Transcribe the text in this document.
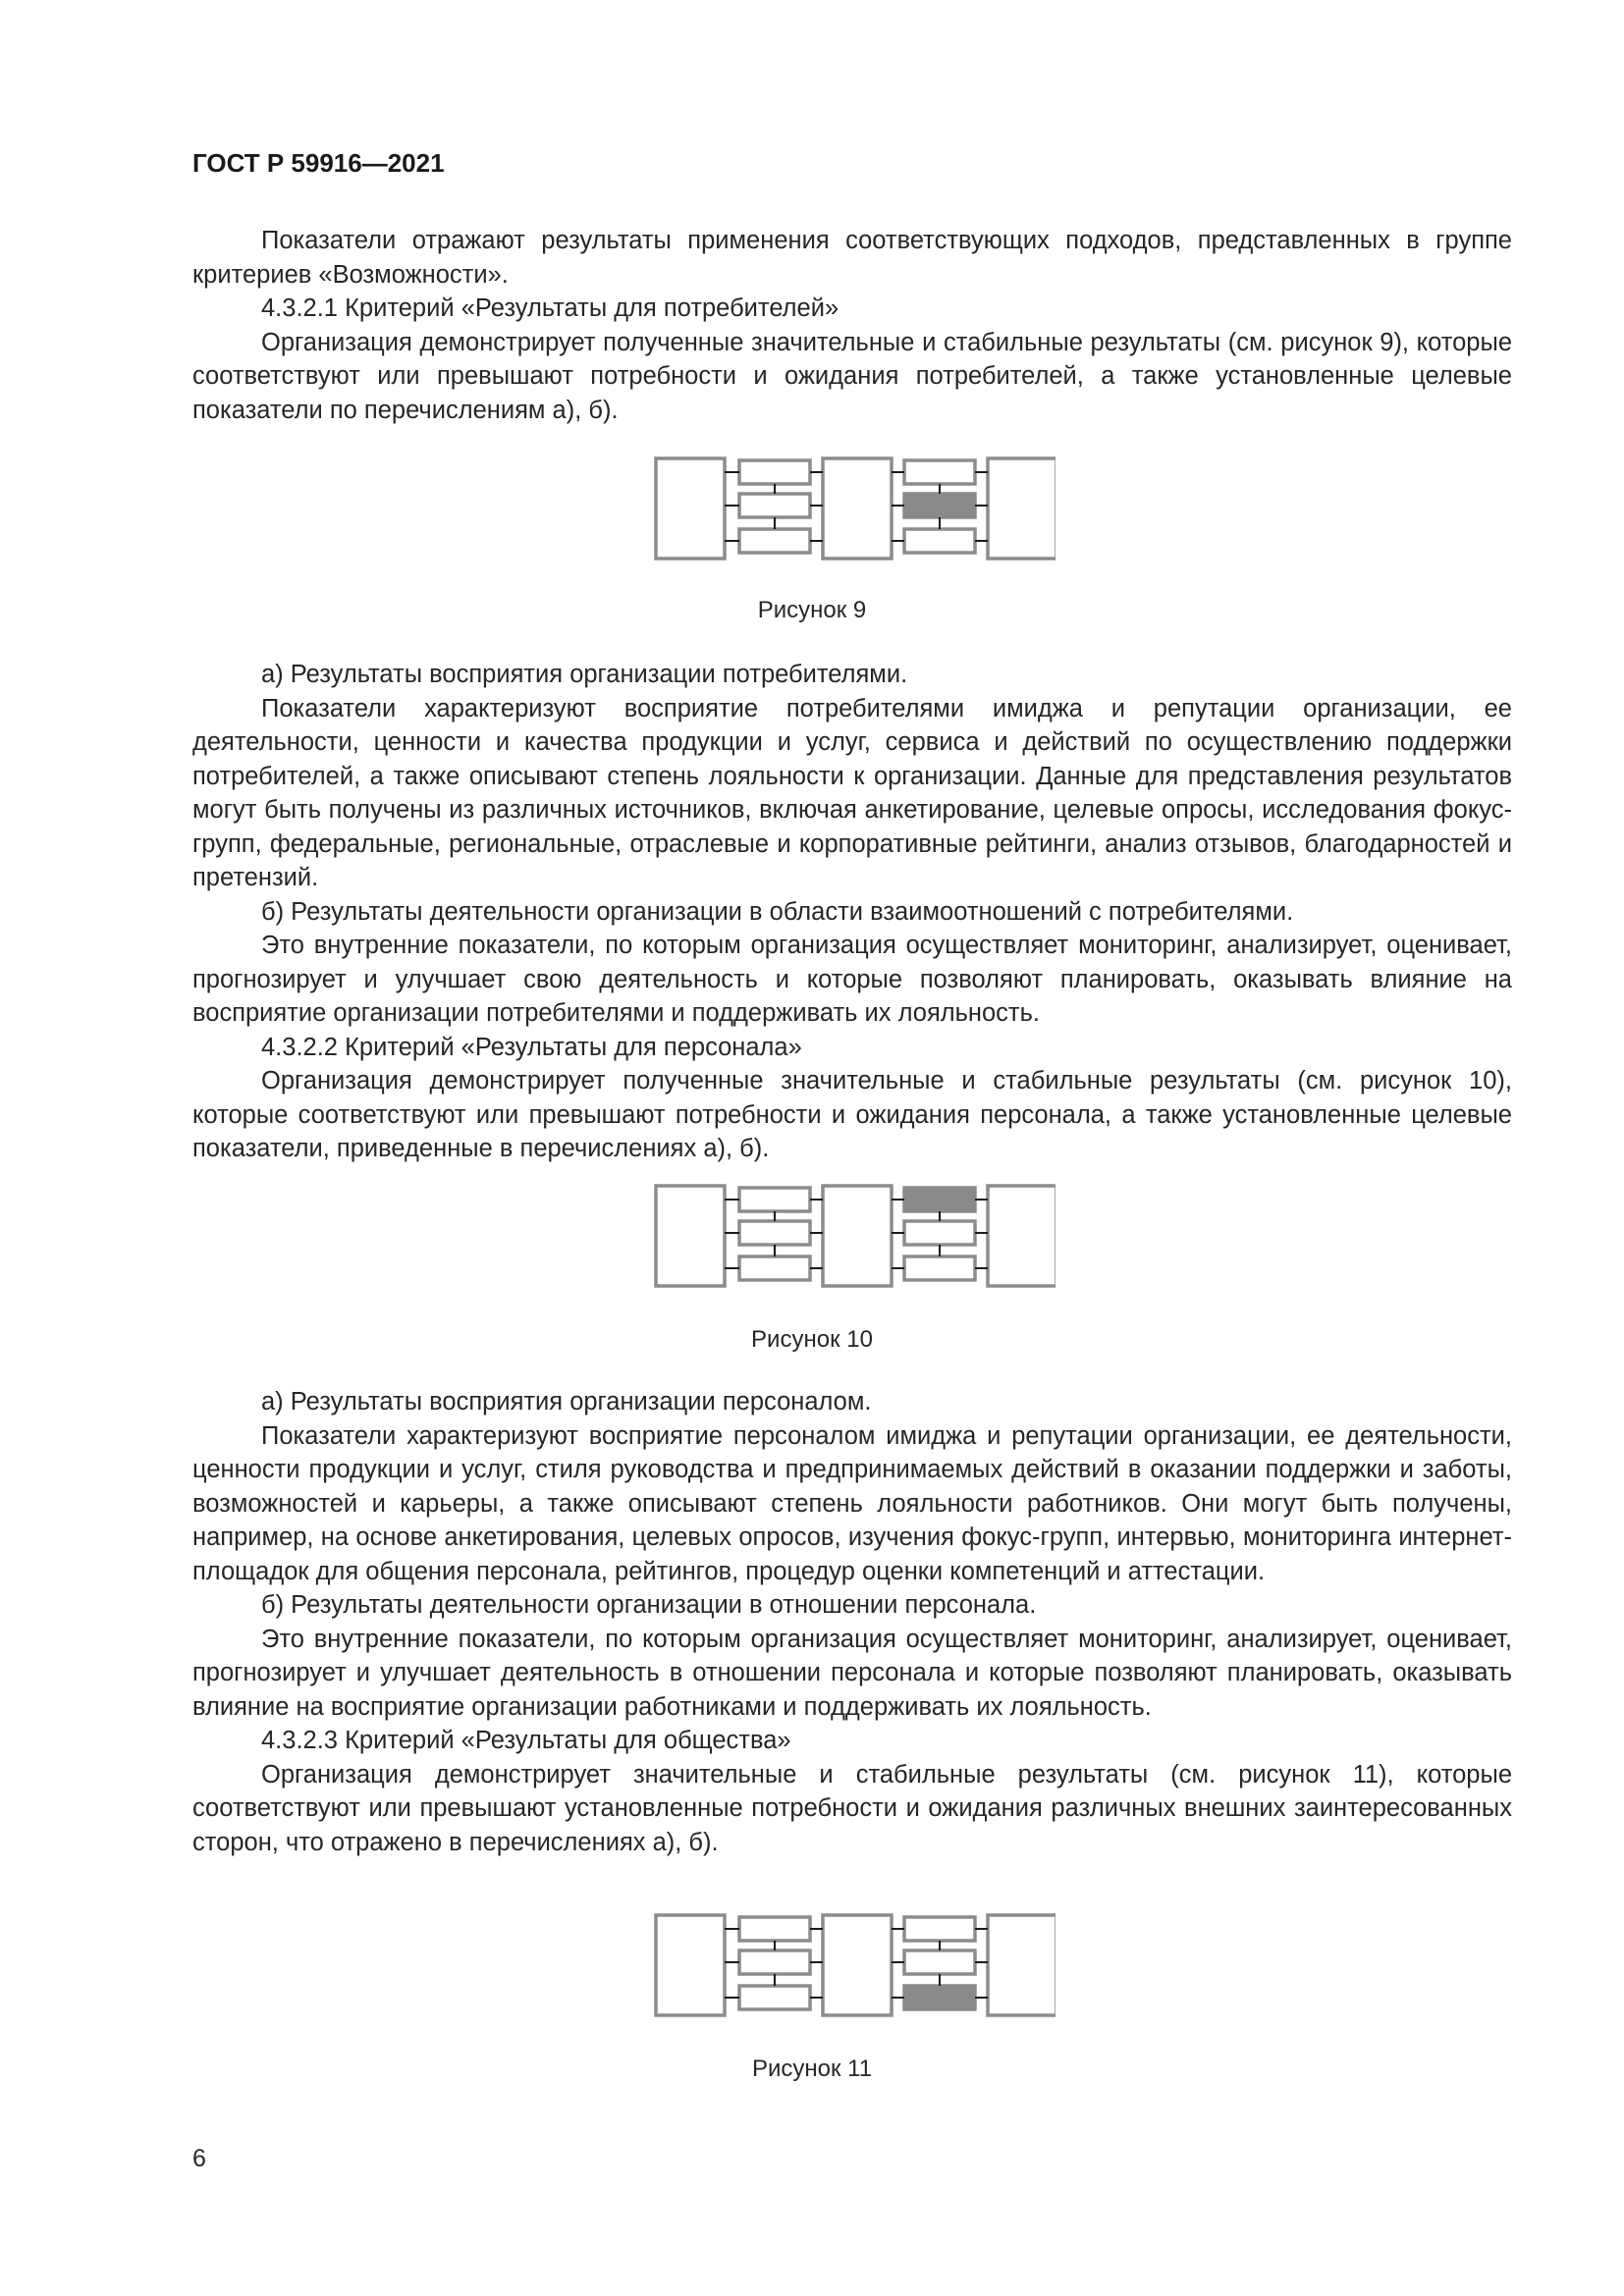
ГОСТ Р 59916—2021

Показатели отражают результаты применения соответствующих подходов, представленных в группе критериев «Возможности».

4.3.2.1 Критерий «Результаты для потребителей»

Организация демонстрирует полученные значительные и стабильные результаты (см. рисунок 9), которые соответствуют или превышают потребности и ожидания потребителей, а также установленные целевые показатели по перечислениям а), б).

Рисунок 9

а) Результаты восприятия организации потребителями.

Показатели характеризуют восприятие потребителями имиджа и репутации организации, ее деятельности, ценности и качества продукции и услуг, сервиса и действий по осуществлению поддержки потребителей, а также описывают степень лояльности к организации. Данные для представления результатов могут быть получены из различных источников, включая анкетирование, целевые опросы, исследования фокус-групп, федеральные, региональные, отраслевые и корпоративные рейтинги, анализ отзывов, благодарностей и претензий.

б) Результаты деятельности организации в области взаимоотношений с потребителями.

Это внутренние показатели, по которым организация осуществляет мониторинг, анализирует, оценивает, прогнозирует и улучшает свою деятельность и которые позволяют планировать, оказывать влияние на восприятие организации потребителями и поддерживать их лояльность.

4.3.2.2 Критерий «Результаты для персонала»

Организация демонстрирует полученные значительные и стабильные результаты (см. рисунок 10), которые соответствуют или превышают потребности и ожидания персонала, а также установленные целевые показатели, приведенные в перечислениях а), б).

Рисунок 10

а) Результаты восприятия организации персоналом.

Показатели характеризуют восприятие персоналом имиджа и репутации организации, ее деятельности, ценности продукции и услуг, стиля руководства и предпринимаемых действий в оказании поддержки и заботы, возможностей и карьеры, а также описывают степень лояльности работников. Они могут быть получены, например, на основе анкетирования, целевых опросов, изучения фокус-групп, интервью, мониторинга интернет-площадок для общения персонала, рейтингов, процедур оценки компетенций и аттестации.

б) Результаты деятельности организации в отношении персонала.

Это внутренние показатели, по которым организация осуществляет мониторинг, анализирует, оценивает, прогнозирует и улучшает деятельность в отношении персонала и которые позволяют планировать, оказывать влияние на восприятие организации работниками и поддерживать их лояльность.

4.3.2.3 Критерий «Результаты для общества»

Организация демонстрирует значительные и стабильные результаты (см. рисунок 11), которые соответствуют или превышают установленные потребности и ожидания различных внешних заинтересованных сторон, что отражено в перечислениях а), б).

Рисунок 11
6
